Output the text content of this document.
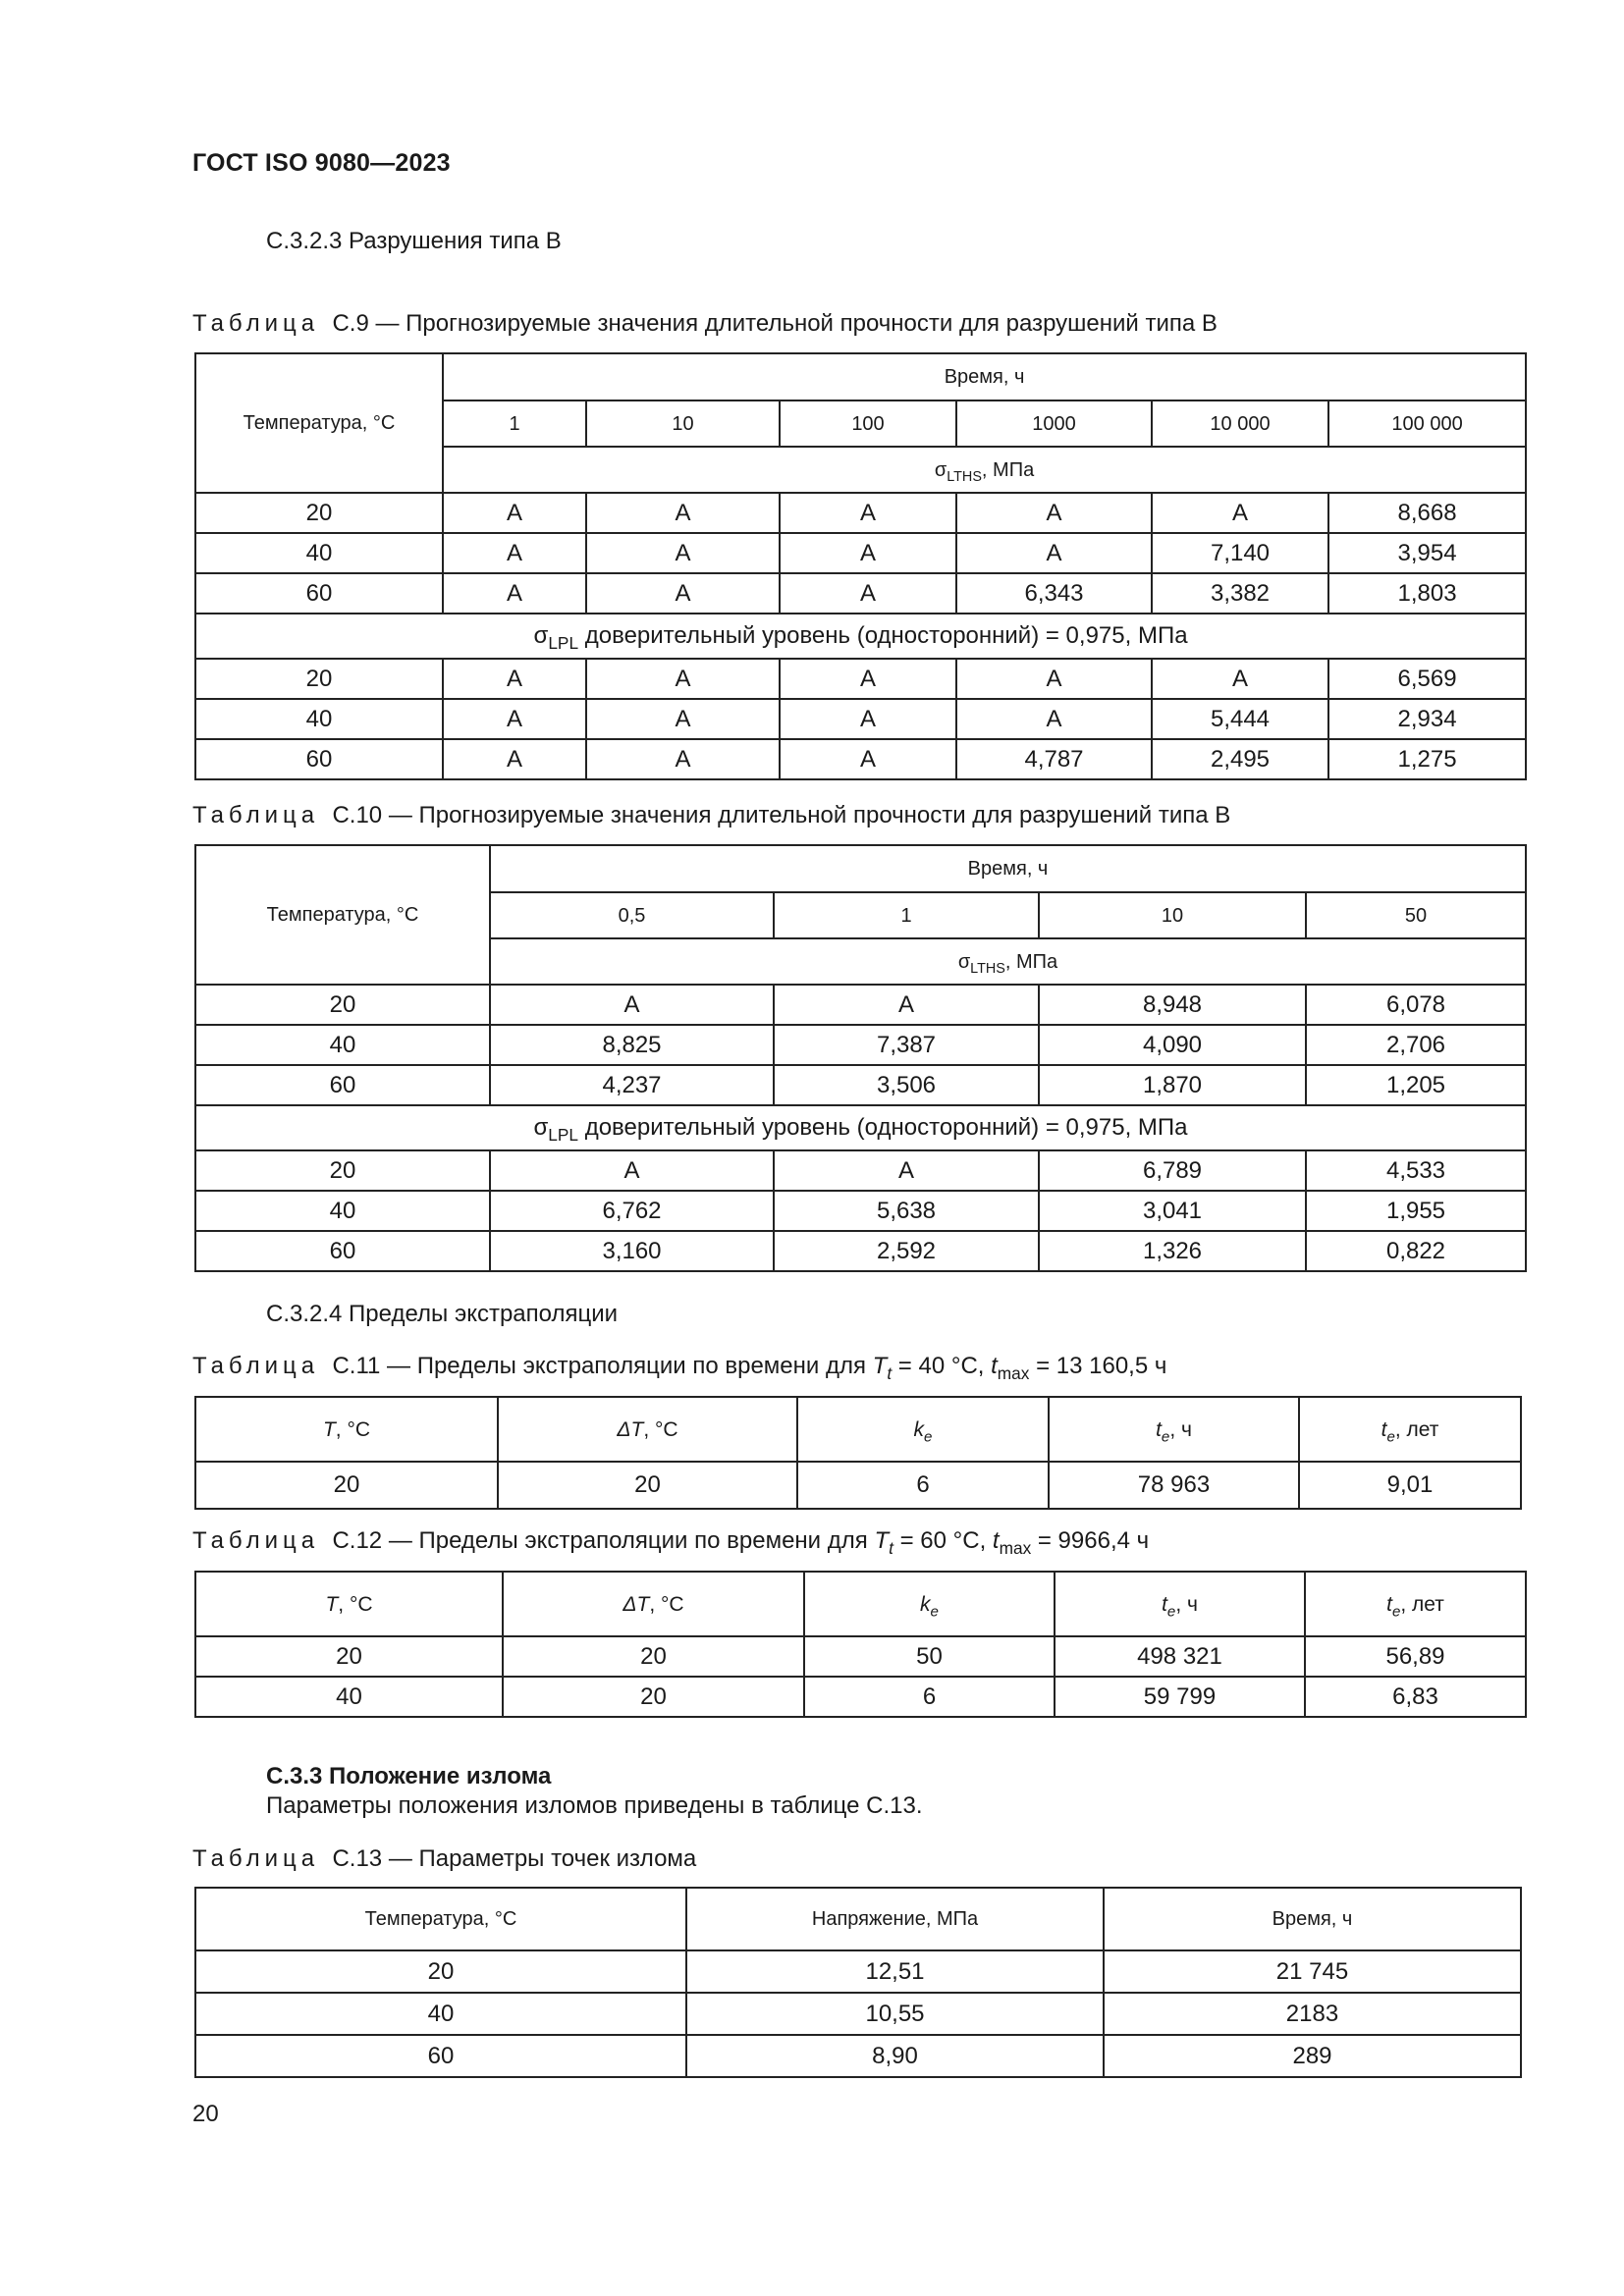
ГОСТ ISO 9080—2023
С.3.2.3 Разрушения типа В
Таблица С.9 — Прогнозируемые значения длительной прочности для разрушений типа В
Температура, °С	Время, ч					
	1	10	100	1000	10 000	100 000
	$\sigma_{LTHS}$, МПа					
20	А	А	А	А	А	8,668
40	А	А	А	А	7,140	3,954
60	А	А	А	6,343	3,382	1,803
$\sigma_{LPL}$ доверительный уровень (односторонний) = 0,975, МПа						
20	А	А	А	А	А	6,569
40	А	А	А	А	5,444	2,934
60	А	А	А	4,787	2,495	1,275
Таблица С.10 — Прогнозируемые значения длительной прочности для разрушений типа В
Температура, °С	Время, ч			
	0,5	1	10	50
	$\sigma_{LTHS}$, МПа			
20	А	А	8,948	6,078
40	8,825	7,387	4,090	2,706
60	4,237	3,506	1,870	1,205
$\sigma_{LPL}$ доверительный уровень (односторонний) = 0,975, МПа				
20	А	А	6,789	4,533
40	6,762	5,638	3,041	1,955
60	3,160	2,592	1,326	0,822
С.3.2.4 Пределы экстраполяции
Таблица С.11 — Пределы экстраполяции по времени для $T_t = 40$ °С, $t_{max} = 13$ 160,5 ч
T, °С	ΔT, °С	$k_e$	$t_e$, ч	$t_e$, лет
20	20	6	78 963	9,01
Таблица С.12 — Пределы экстраполяции по времени для $T_t = 60$ °С, $t_{max} = 9966,4$ ч
T, °С	ΔT, °С	$k_e$	$t_e$, ч	$t_e$, лет
20	20	50	498 321	56,89
40	20	6	59 799	6,83
С.3.3 Положение излома
Параметры положения изломов приведены в таблице С.13.
Таблица С.13 — Параметры точек излома
Температура, °С	Напряжение, МПа	Время, ч
20	12,51	21 745
40	10,55	2183
60	8,90	289
20
